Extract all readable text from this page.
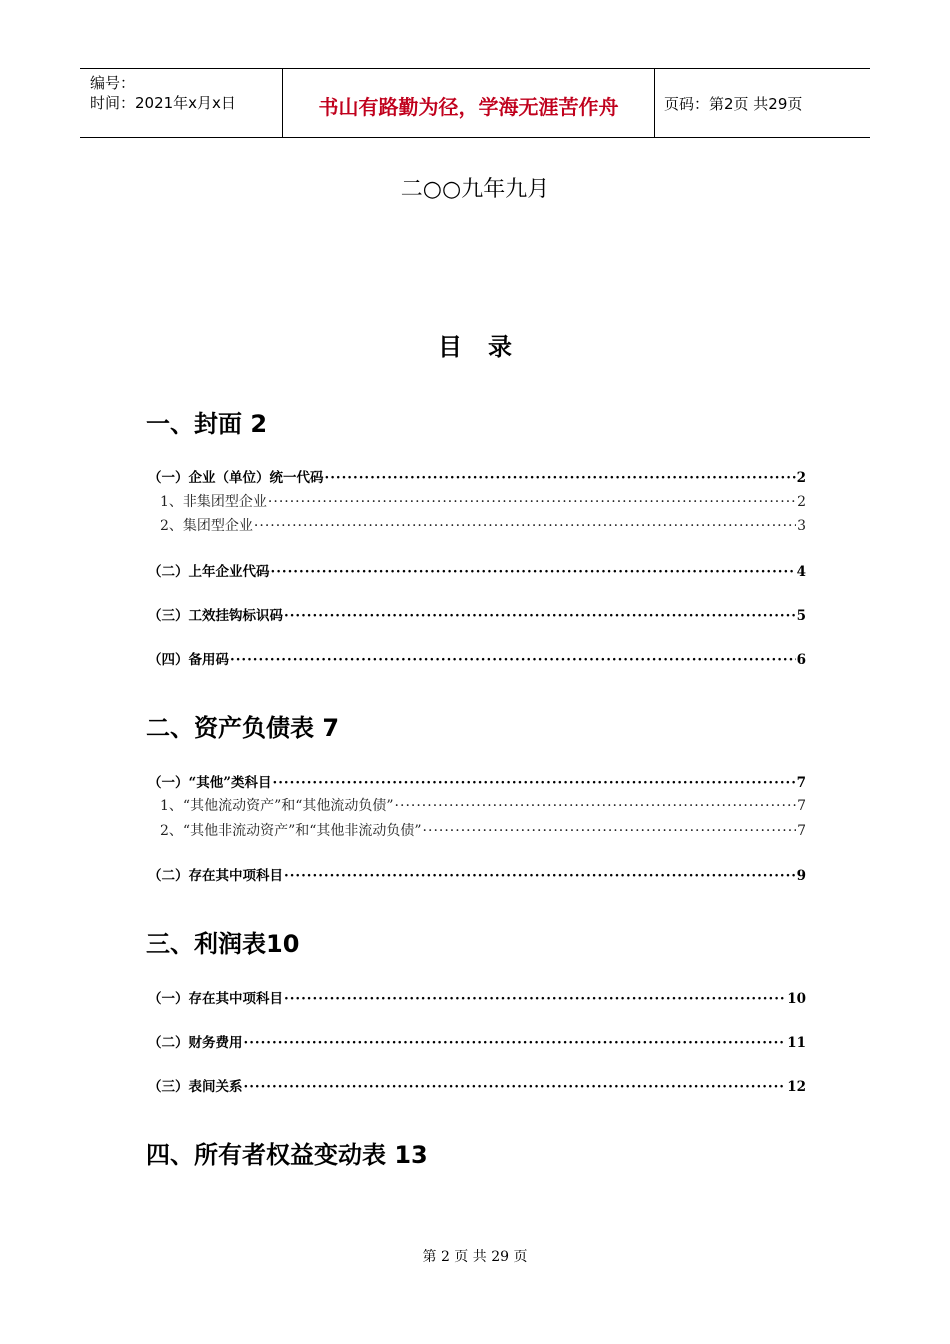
编号：
时间：2021年x月x日	书山有路勤为径，学海无涯苦作舟	页码：第2页 共29页
二○○九年九月
目录
一、封面 2
（一）企业（单位）统一代码 ·····	2
1、非集团型企业 ·····	2
2、集团型企业 ·····	3
（二）上年企业代码 ·····	4
（三）工效挂钩标识码 ·····	5
（四）备用码 ·····	6
二、资产负债表 7
（一）“其他”类科目 ·····	7
1、“其他流动资产”和“其他流动负债” ·····	7
2、“其他非流动资产”和“其他非流动负债” ·····	7
（二）存在其中项科目 ·····	9
三、利润表10
（一）存在其中项科目 ·····	10
（二）财务费用 ·····	11
（三）表间关系 ·····	12
四、所有者权益变动表 13
第 2 页 共 29 页
